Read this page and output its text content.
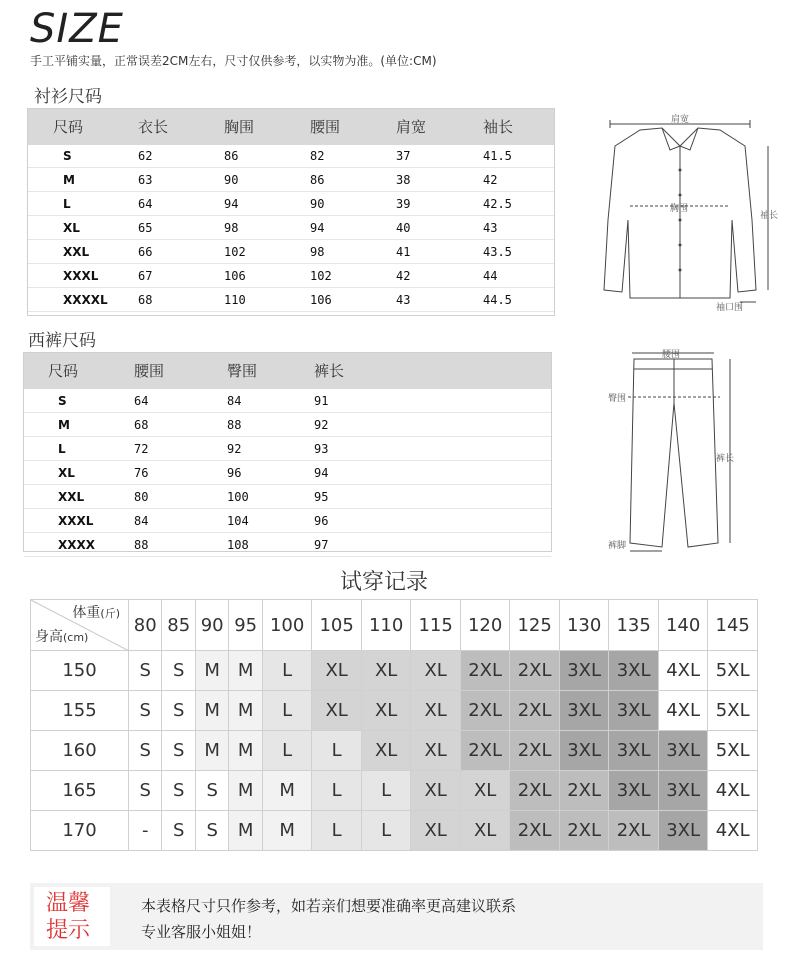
SIZE
手工平铺实量，正常误差2CM左右，尺寸仅供参考，以实物为准。(单位:CM)
衬衫尺码
尺码	衣长	胸围	腰围	肩宽	袖长
S	62	86	82	37	41.5
M	63	90	86	38	42
L	64	94	90	39	42.5
XL	65	98	94	40	43
XXL	66	102	98	41	43.5
XXXL	67	106	102	42	44
XXXXL	68	110	106	43	44.5
肩宽
胸围
袖长
袖口围
西裤尺码
尺码	腰围	臀围	裤长
S	64	84	91
M	68	88	92
L	72	92	93
XL	76	96	94
XXL	80	100	95
XXXL	84	104	96
XXXX	88	108	97
腰围
臀围
裤长
裤脚
试穿记录
体重(斤)
身高(cm)	80	85	90	95	100	105	110	115	120	125	130	135	140	145
150	S	S	M	M	L	XL	XL	XL	2XL	2XL	3XL	3XL	4XL	5XL
155	S	S	M	M	L	XL	XL	XL	2XL	2XL	3XL	3XL	4XL	5XL
160	S	S	M	M	L	L	XL	XL	2XL	2XL	3XL	3XL	3XL	5XL
165	S	S	S	M	M	L	L	XL	XL	2XL	2XL	3XL	3XL	4XL
170	-	S	S	M	M	L	L	XL	XL	2XL	2XL	2XL	3XL	4XL
温馨
提示
本表格尺寸只作参考，如若亲们想要准确率更高建议联系
专业客服小姐姐！
